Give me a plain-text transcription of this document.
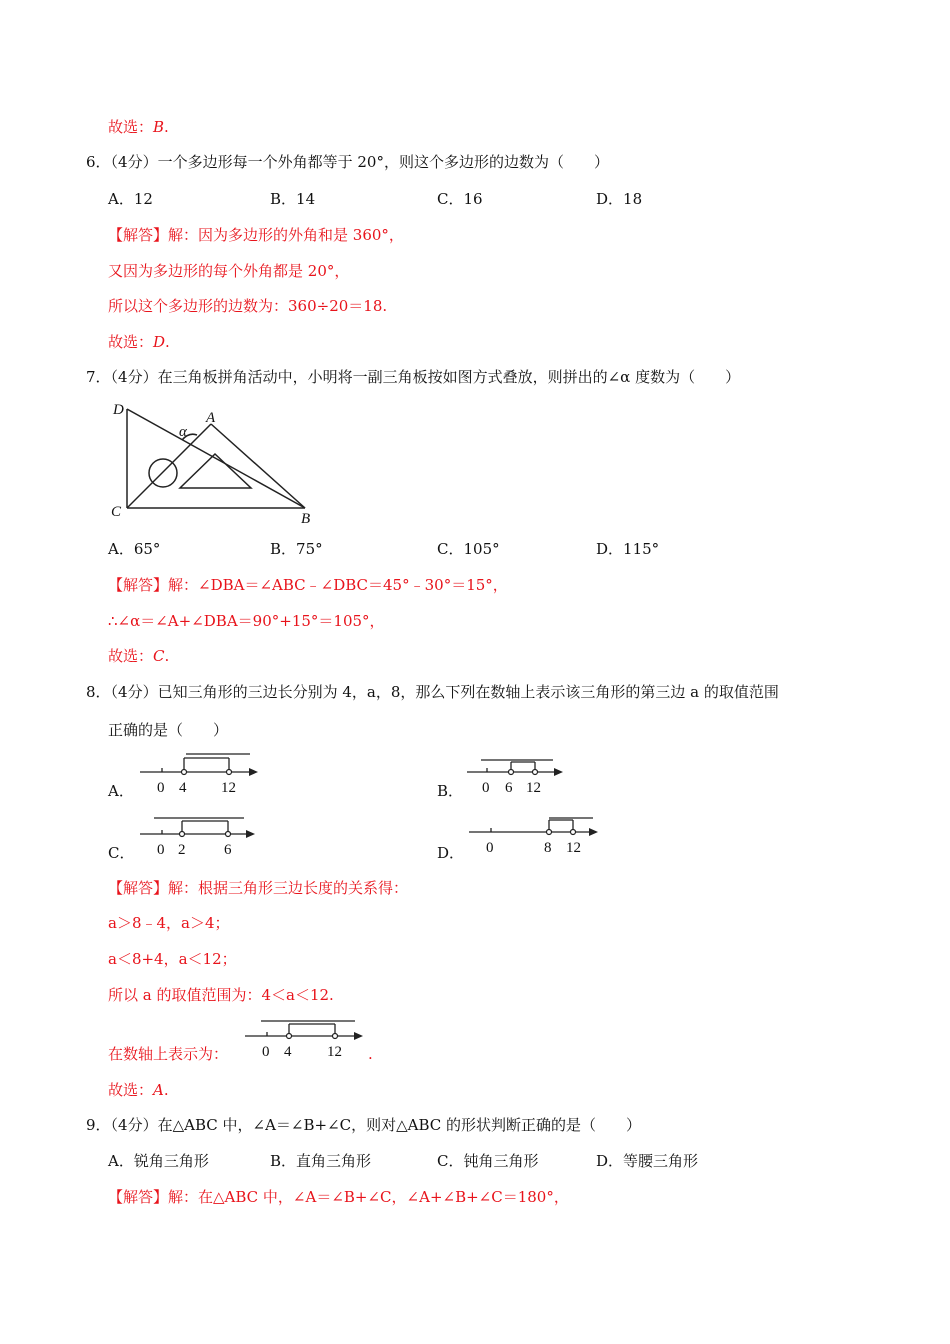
故选：B.
6．（4分）一个多边形每一个外角都等于 20°，则这个多边形的边数为（　　）
A．12	B．14	C．16	D．18
【解答】解：因为多边形的外角和是 360°，
又因为多边形的每个外角都是 20°，
所以这个多边形的边数为：360÷20＝18.
故选：D.
7．（4分）在三角板拼角活动中，小明将一副三角板按如图方式叠放，则拼出的∠α 度数为（　　）
D	A
α
C	B
A．65°	B．75°	C．105°	D．115°
【解答】解：∠DBA＝∠ABC﹣∠DBC＝45°﹣30°＝15°，
∴∠α＝∠A+∠DBA＝90°+15°＝105°，
故选：C.
8．（4分）已知三角形的三边长分别为 4，a，8，那么下列在数轴上表示该三角形的第三边 a 的取值范围
正确的是（　　）
A． 0 4 12	B． 0 6 12
C． 0 2	6	D． 0	8 12
【解答】解：根据三角形三边长度的关系得：
a＞8﹣4，a＞4；
a＜8+4，a＜12；
所以 a 的取值范围为：4＜a＜12.
在数轴上表示为： 0 4 12 .
故选：A.
9．（4分）在△ABC 中，∠A＝∠B+∠C，则对△ABC 的形状判断正确的是（　　）
A．锐角三角形	B．直角三角形	C．钝角三角形	D．等腰三角形
【解答】解：在△ABC 中，∠A＝∠B+∠C，∠A+∠B+∠C＝180°，
